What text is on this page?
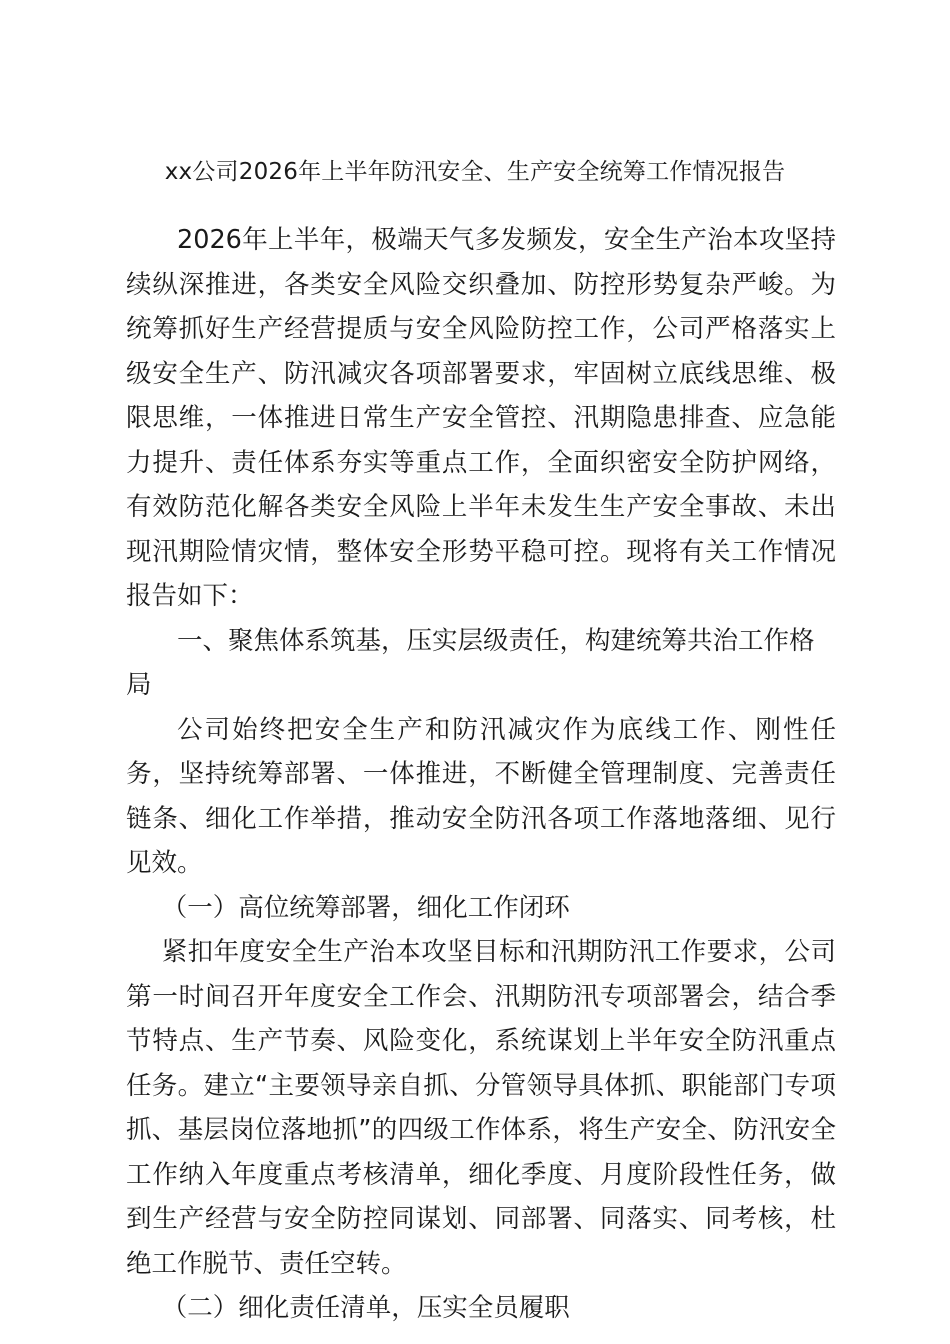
xx公司2026年上半年防汛安全、生产安全统筹工作情况报告

2026年上半年，极端天气多发频发，安全生产治本攻坚持续纵深推进，各类安全风险交织叠加、防控形势复杂严峻。为统筹抓好生产经营提质与安全风险防控工作，公司严格落实上级安全生产、防汛减灾各项部署要求，牢固树立底线思维、极限思维，一体推进日常生产安全管控、汛期隐患排查、应急能力提升、责任体系夯实等重点工作，全面织密安全防护网络，有效防范化解各类安全风险上半年未发生生产安全事故、未出现汛期险情灾情，整体安全形势平稳可控。现将有关工作情况报告如下：

一、聚焦体系筑基，压实层级责任，构建统筹共治工作格局

公司始终把安全生产和防汛减灾作为底线工作、刚性任务，坚持统筹部署、一体推进，不断健全管理制度、完善责任链条、细化工作举措，推动安全防汛各项工作落地落细、见行见效。

（一）高位统筹部署，细化工作闭环

紧扣年度安全生产治本攻坚目标和汛期防汛工作要求，公司第一时间召开年度安全工作会、汛期防汛专项部署会，结合季节特点、生产节奏、风险变化，系统谋划上半年安全防汛重点任务。建立“主要领导亲自抓、分管领导具体抓、职能部门专项抓、基层岗位落地抓”的四级工作体系，将生产安全、防汛安全工作纳入年度重点考核清单，细化季度、月度阶段性任务，做到生产经营与安全防控同谋划、同部署、同落实、同考核，杜绝工作脱节、责任空转。

（二）细化责任清单，压实全员履职
